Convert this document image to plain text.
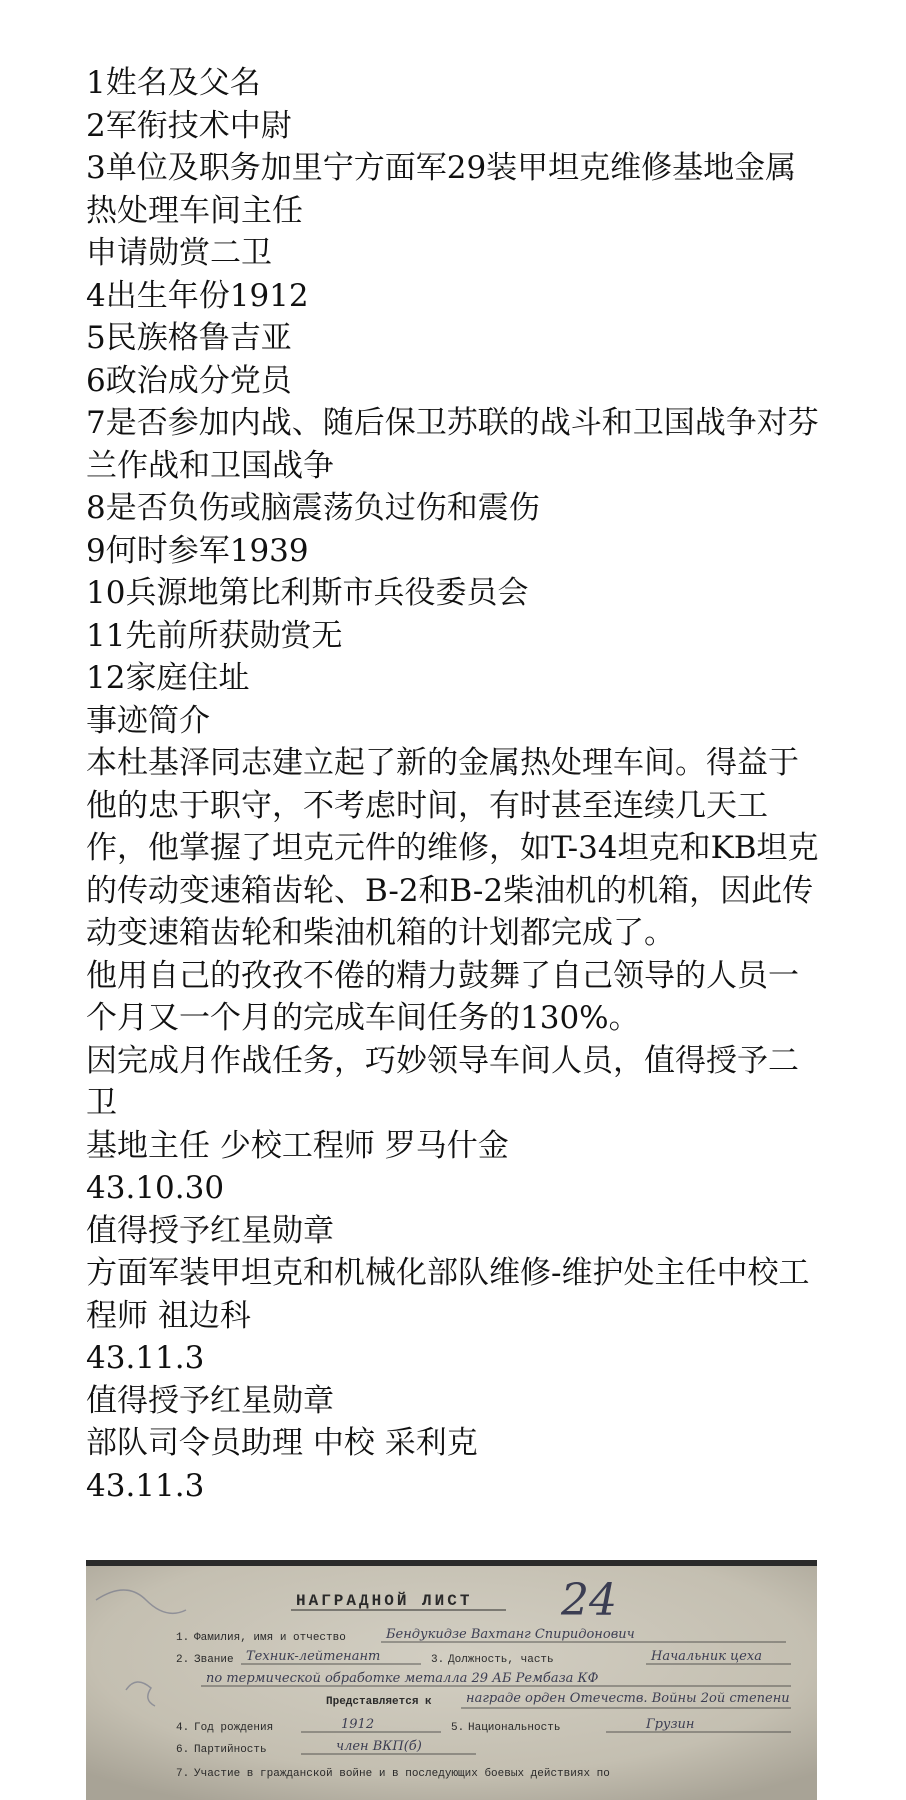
1姓名及父名
2军衔技术中尉
3单位及职务加里宁方面军29装甲坦克维修基地金属热处理车间主任
申请勋赏二卫
4出生年份1912
5民族格鲁吉亚
6政治成分党员
7是否参加内战、随后保卫苏联的战斗和卫国战争对芬兰作战和卫国战争
8是否负伤或脑震荡负过伤和震伤
9何时参军1939
10兵源地第比利斯市兵役委员会
11先前所获勋赏无
12家庭住址
事迹简介
本杜基泽同志建立起了新的金属热处理车间。得益于他的忠于职守，不考虑时间，有时甚至连续几天工作，他掌握了坦克元件的维修，如T-34坦克和KB坦克的传动变速箱齿轮、B-2和B-2柴油机的机箱，因此传动变速箱齿轮和柴油机箱的计划都完成了。
他用自己的孜孜不倦的精力鼓舞了自己领导的人员一个月又一个月的完成车间任务的130%。
因完成月作战任务，巧妙领导车间人员，值得授予二卫
基地主任 少校工程师 罗马什金
43.10.30
值得授予红星勋章
方面军装甲坦克和机械化部队维修-维护处主任中校工程师 祖边科
43.11.3
值得授予红星勋章
部队司令员助理 中校 采利克
43.11.3
НАГРАДНОЙ ЛИСТ 24
1. Фамилия, имя и отчество	Бендукидзе Вахтанг Спиридонович
2. Звание Техник-лейтенант	3. Должность, часть	Начальник цеха
по термической обработке металла 29 АБ Рембаза КФ
Представляется к	награде орден Отечеств. Войны 2ой степени
4. Год рождения	1912	5. Национальность	Грузин
6. Партийность	член ВКП(б)
7. Участие в гражданской войне и в последующих боевых действиях по
